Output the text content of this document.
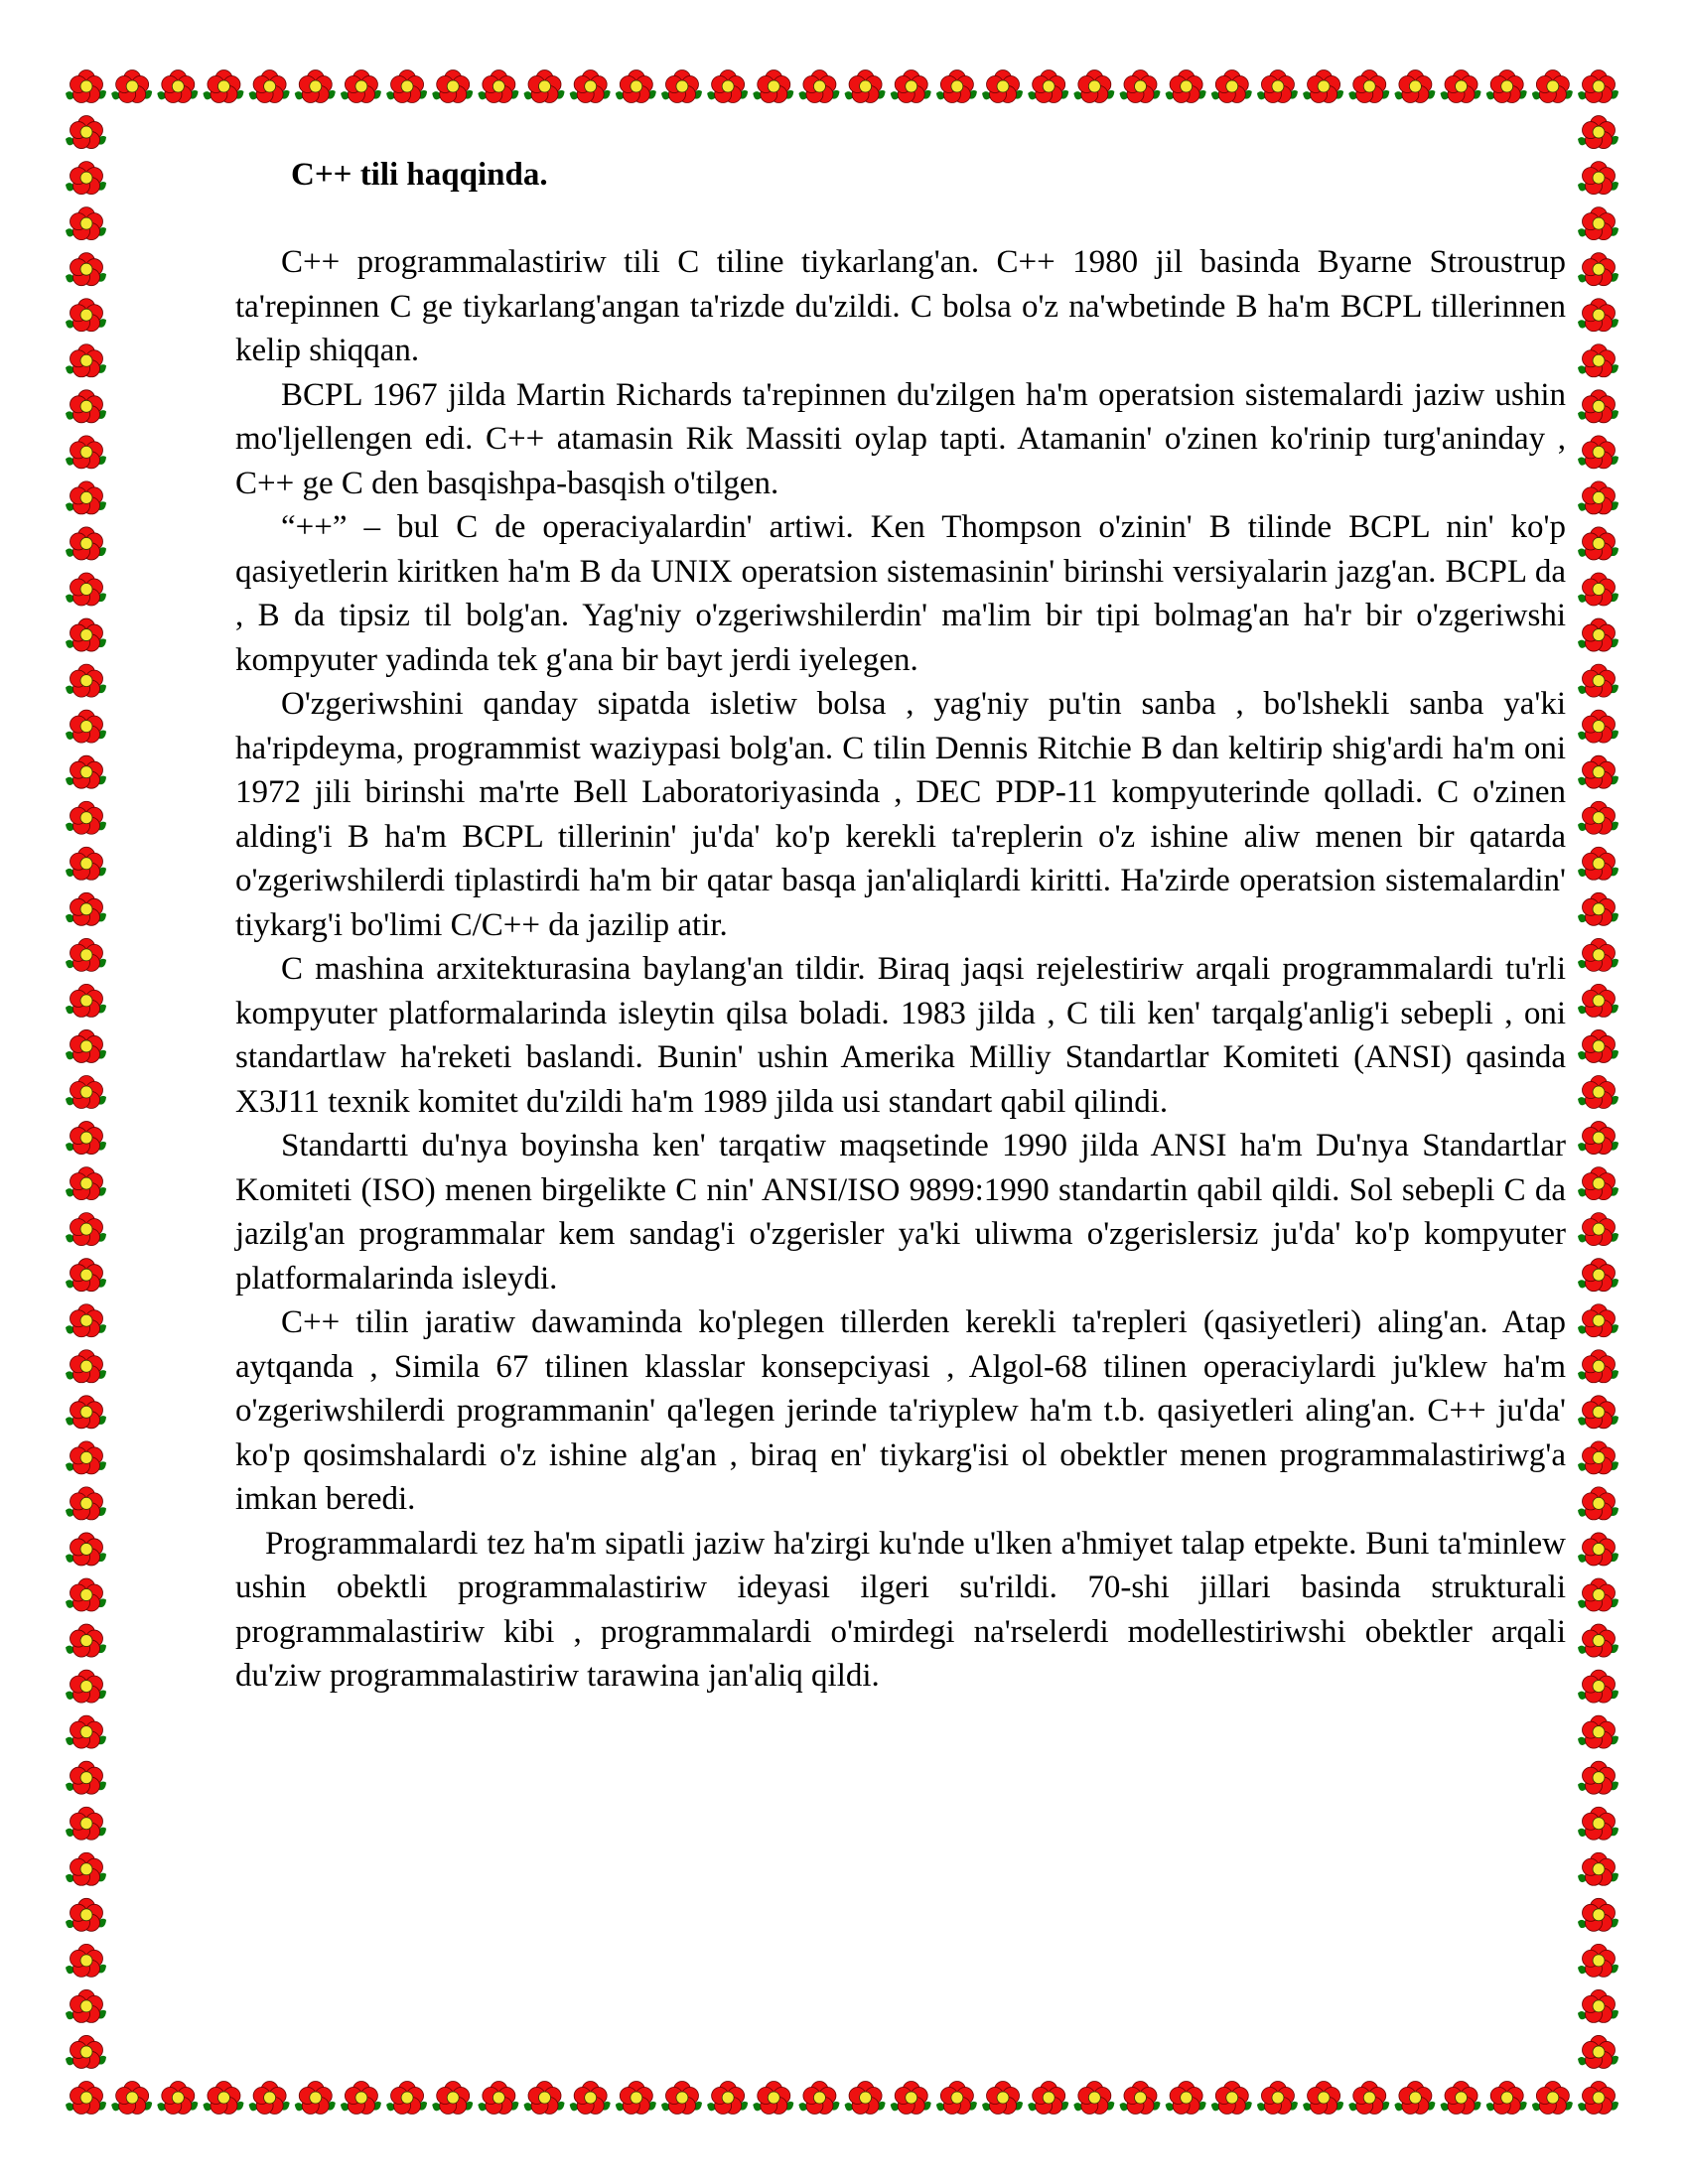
C++ tili haqqinda.

C++ programmalastiriw tili C tiline tiykarlang'an. C++ 1980 jil basinda Byarne Stroustrup ta'repinnen C ge tiykarlang'angan ta'rizde du'zildi. C bolsa o'z na'wbetinde B ha'm BCPL tillerinnen kelip shiqqan.

BCPL 1967 jilda Martin Richards ta'repinnen du'zilgen ha'm operatsion sistemalardi jaziw ushin mo'ljellengen edi. C++ atamasin Rik Massiti oylap tapti. Atamanin' o'zinen ko'rinip turg'aninday , C++ ge C den basqishpa-basqish o'tilgen.

“++” – bul C de operaciyalardin' artiwi. Ken Thompson o'zinin' B tilinde BCPL nin' ko'p qasiyetlerin kiritken ha'm B da UNIX operatsion sistemasinin' birinshi versiyalarin jazg'an. BCPL da , B da tipsiz til bolg'an. Yag'niy o'zgeriwshilerdin' ma'lim bir tipi bolmag'an ha'r bir o'zgeriwshi kompyuter yadinda tek g'ana bir bayt jerdi iyelegen.

O'zgeriwshini qanday sipatda isletiw bolsa , yag'niy pu'tin sanba , bo'lshekli sanba ya'ki ha'ripdeyma, programmist waziypasi bolg'an. C tilin Dennis Ritchie B dan keltirip shig'ardi ha'm oni 1972 jili birinshi ma'rte Bell Laboratoriyasinda , DEC PDP-11 kompyuterinde qolladi. C o'zinen alding'i B ha'm BCPL tillerinin' ju'da' ko'p kerekli ta'replerin o'z ishine aliw menen bir qatarda o'zgeriwshilerdi tiplastirdi ha'm bir qatar basqa jan'aliqlardi kiritti. Ha'zirde operatsion sistemalardin' tiykarg'i bo'limi C/C++ da jazilip atir.

C mashina arxitekturasina baylang'an tildir. Biraq jaqsi rejelestiriw arqali programmalardi tu'rli kompyuter platformalarinda isleytin qilsa boladi. 1983 jilda , C tili ken' tarqalg'anlig'i sebepli , oni standartlaw ha'reketi baslandi. Bunin' ushin Amerika Milliy Standartlar Komiteti (ANSI) qasinda X3J11 texnik komitet du'zildi ha'm 1989 jilda usi standart qabil qilindi.

Standartti du'nya boyinsha ken' tarqatiw maqsetinde 1990 jilda ANSI ha'm Du'nya Standartlar Komiteti (ISO) menen birgelikte C nin' ANSI/ISO 9899:1990 standartin qabil qildi. Sol sebepli C da jazilg'an programmalar kem sandag'i o'zgerisler ya'ki uliwma o'zgerislersiz ju'da' ko'p kompyuter platformalarinda isleydi.

C++ tilin jaratiw dawaminda ko'plegen tillerden kerekli ta'repleri (qasiyetleri) aling'an. Atap aytqanda , Simila 67 tilinen klasslar konsepciyasi , Algol-68 tilinen operaciylardi ju'klew ha'm o'zgeriwshilerdi programmanin' qa'legen jerinde ta'riyplew ha'm t.b. qasiyetleri aling'an. C++ ju'da' ko'p qosimshalardi o'z ishine alg'an , biraq en' tiykarg'isi ol obektler menen programmalastiriwg'a imkan beredi.

Programmalardi tez ha'm sipatli jaziw ha'zirgi ku'nde u'lken a'hmiyet talap etpekte. Buni ta'minlew ushin obektli programmalastiriw ideyasi ilgeri su'rildi. 70-shi jillari basinda strukturali programmalastiriw kibi , programmalardi o'mirdegi na'rselerdi modellestiriwshi obektler arqali du'ziw programmalastiriw tarawina jan'aliq qildi.
